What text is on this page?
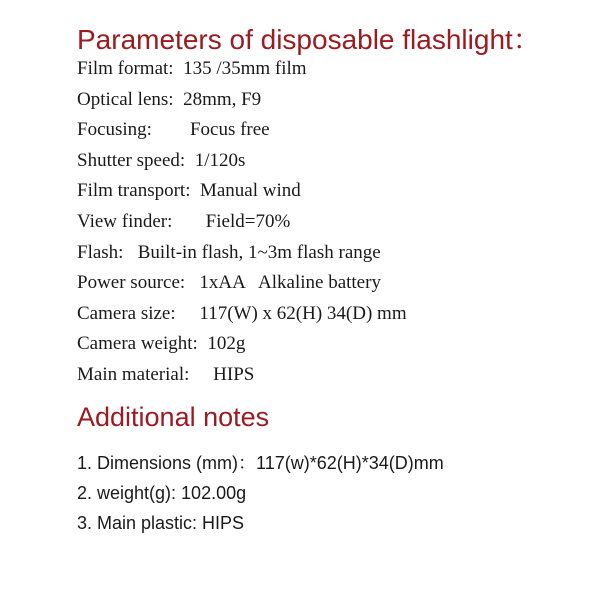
Parameters of disposable flashlight：
Film format: 135 /35mm film
Optical lens: 28mm, F9
Focusing: Focus free
Shutter speed: 1/120s
Film transport: Manual wind
View finder: Field=70%
Flash: Built-in flash, 1~3m flash range
Power source: 1xAA   Alkaline battery
Camera size: 117(W) x 62(H) 34(D) mm
Camera weight: 102g
Main material: HIPS
Additional notes
1. Dimensions (mm)：117(w)*62(H)*34(D)mm
2. weight(g): 102.00g
3. Main plastic: HIPS
